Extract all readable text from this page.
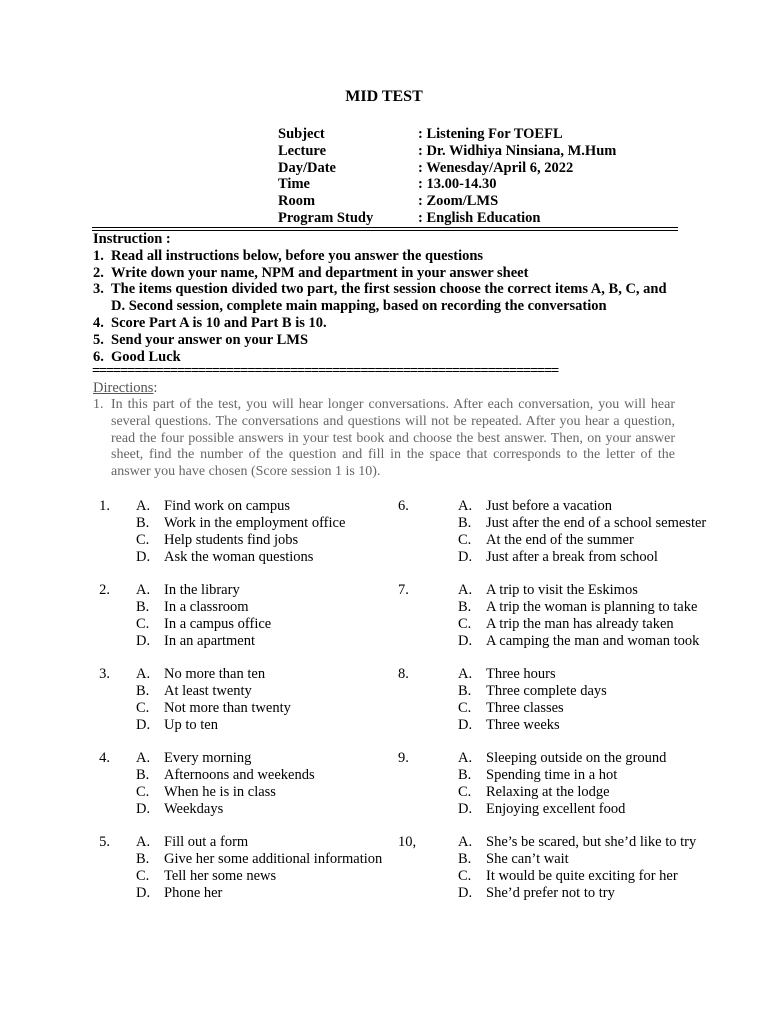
MID TEST
Subject	: Listening For TOEFL
Lecture	: Dr. Widhiya Ninsiana, M.Hum
Day/Date	: Wenesday/April 6, 2022
Time	: 13.00-14.30
Room	: Zoom/LMS
Program Study	: English Education
Instruction :
1. Read all instructions below, before you answer the questions
2. Write down your name, NPM and department in your answer sheet
3. The items question divided two part, the first session choose the correct items A, B, C, and D. Second session, complete main mapping, based on recording the conversation
4. Score Part A is 10 and Part B is 10.
5. Send your answer on your LMS
6. Good Luck
==================================================================
Directions:
1. In this part of the test, you will hear longer conversations. After each conversation, you will hear several questions. The conversations and questions will not be repeated. After you hear a question, read the four possible answers in your test book and choose the best answer. Then, on your answer sheet, find the number of the question and fill in the space that corresponds to the letter of the answer you have chosen (Score session 1 is 10).
1. A. Find work on campus
B. Work in the employment office
C. Help students find jobs
D. Ask the woman questions
2. A. In the library
B. In a classroom
C. In a campus office
D. In an apartment
3. A. No more than ten
B. At least twenty
C. Not more than twenty
D. Up to ten
4. A. Every morning
B. Afternoons and weekends
C. When he is in class
D. Weekdays
5. A. Fill out a form
B. Give her some additional information
C. Tell her some news
D. Phone her
6.	A. Just before a vacation
B. Just after the end of a school semester
C. At the end of the summer
D. Just after a break from school
7.	A. A trip to visit the Eskimos
B. A trip the woman is planning to take
C. A trip the man has already taken
D. A camping the man and woman took
8.	A. Three hours
B. Three complete days
C. Three classes
D. Three weeks
9.	A. Sleeping outside on the ground
B. Spending time in a hot
C. Relaxing at the lodge
D. Enjoying excellent food
10,	A. She’s be scared, but she’d like to try
B. She can’t wait
C. It would be quite exciting for her
D. She’d prefer not to try
